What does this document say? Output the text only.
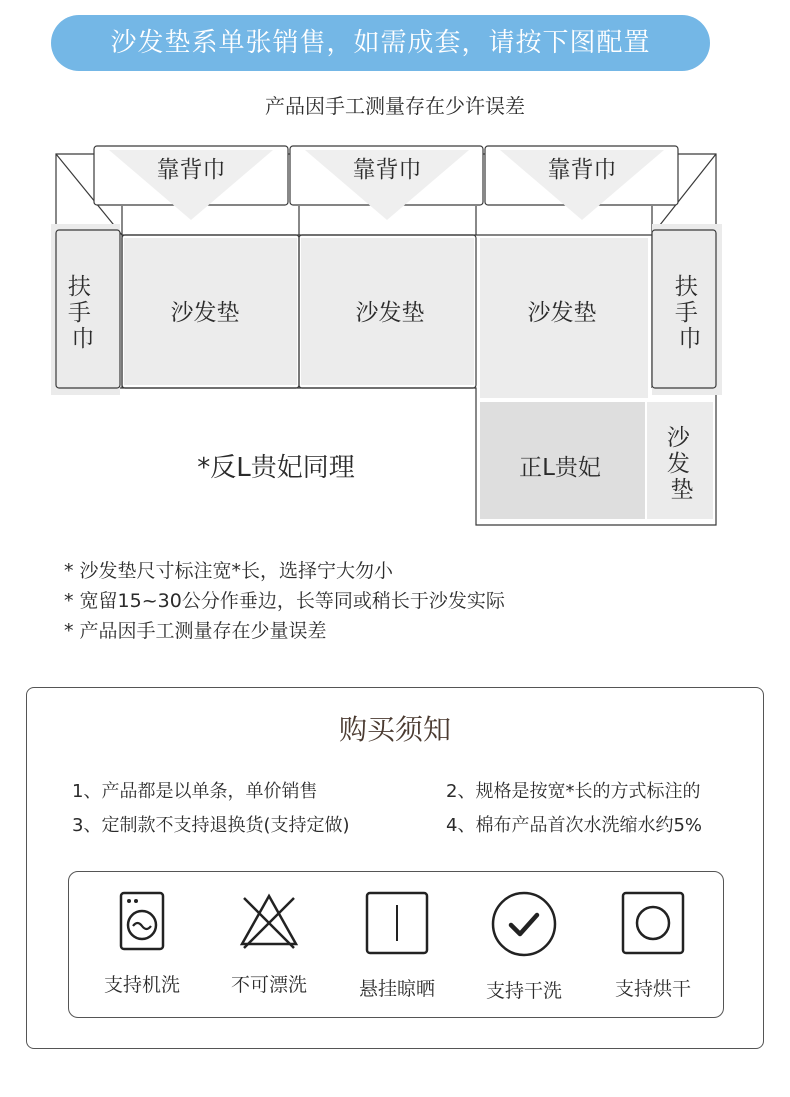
沙发垫系单张销售，如需成套，请按下图配置
产品因手工测量存在少许误差
靠背巾	靠背巾	靠背巾
扶 手 巾
扶 手 巾
沙发垫	沙发垫	沙发垫
正L贵妃
沙 发 垫
*反L贵妃同理
* 沙发垫尺寸标注宽*长，选择宁大勿小
* 宽留15~30公分作垂边，长等同或稍长于沙发实际
* 产品因手工测量存在少量误差
购买须知
1、产品都是以单条，单价销售	2、规格是按宽*长的方式标注的
3、定制款不支持退换货(支持定做)	4、棉布产品首次水洗缩水约5%
支持机洗	不可漂洗	悬挂晾晒	支持干洗	支持烘干
